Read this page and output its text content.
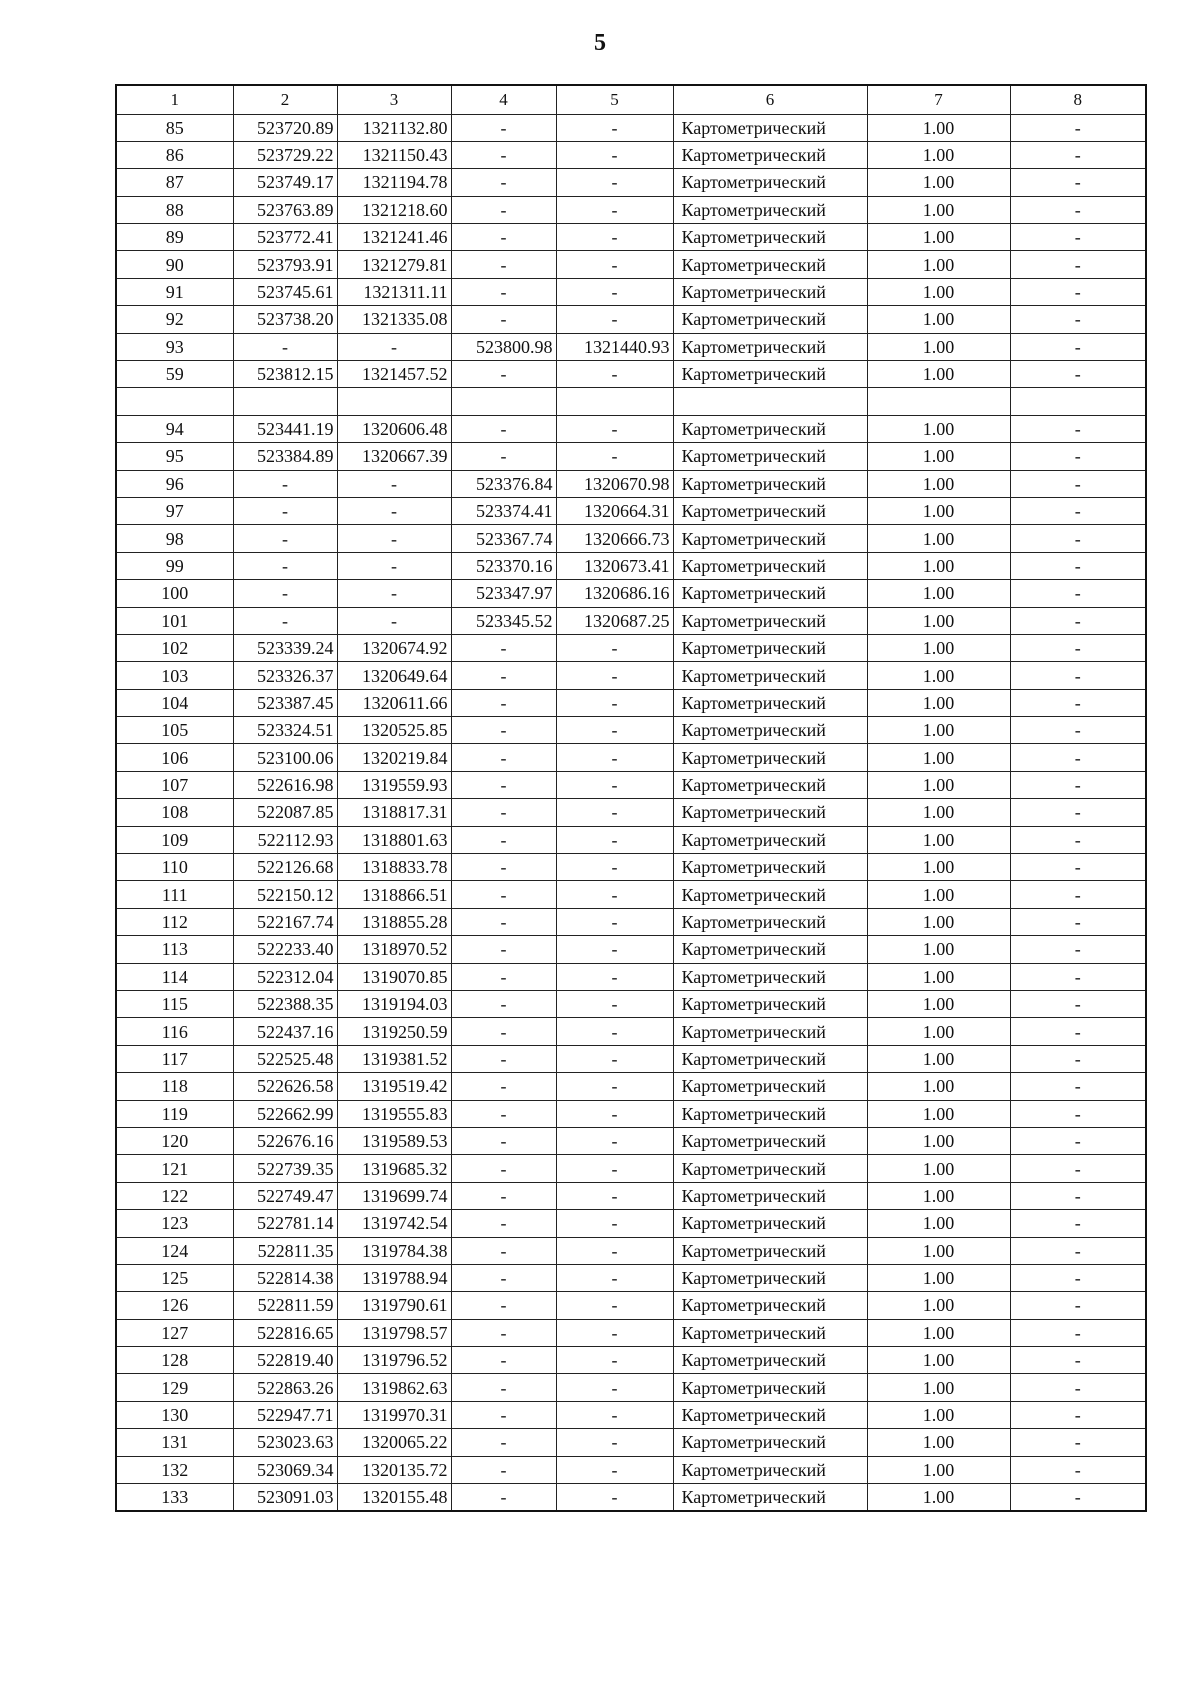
5
1	2	3	4	5	6	7	8
85	523720.89	1321132.80	-	-	Картометрический	1.00	-
86	523729.22	1321150.43	-	-	Картометрический	1.00	-
87	523749.17	1321194.78	-	-	Картометрический	1.00	-
88	523763.89	1321218.60	-	-	Картометрический	1.00	-
89	523772.41	1321241.46	-	-	Картометрический	1.00	-
90	523793.91	1321279.81	-	-	Картометрический	1.00	-
91	523745.61	1321311.11	-	-	Картометрический	1.00	-
92	523738.20	1321335.08	-	-	Картометрический	1.00	-
93	-	-	523800.98	1321440.93	Картометрический	1.00	-
59	523812.15	1321457.52	-	-	Картометрический	1.00	-

94	523441.19	1320606.48	-	-	Картометрический	1.00	-
95	523384.89	1320667.39	-	-	Картометрический	1.00	-
96	-	-	523376.84	1320670.98	Картометрический	1.00	-
97	-	-	523374.41	1320664.31	Картометрический	1.00	-
98	-	-	523367.74	1320666.73	Картометрический	1.00	-
99	-	-	523370.16	1320673.41	Картометрический	1.00	-
100	-	-	523347.97	1320686.16	Картометрический	1.00	-
101	-	-	523345.52	1320687.25	Картометрический	1.00	-
102	523339.24	1320674.92	-	-	Картометрический	1.00	-
103	523326.37	1320649.64	-	-	Картометрический	1.00	-
104	523387.45	1320611.66	-	-	Картометрический	1.00	-
105	523324.51	1320525.85	-	-	Картометрический	1.00	-
106	523100.06	1320219.84	-	-	Картометрический	1.00	-
107	522616.98	1319559.93	-	-	Картометрический	1.00	-
108	522087.85	1318817.31	-	-	Картометрический	1.00	-
109	522112.93	1318801.63	-	-	Картометрический	1.00	-
110	522126.68	1318833.78	-	-	Картометрический	1.00	-
111	522150.12	1318866.51	-	-	Картометрический	1.00	-
112	522167.74	1318855.28	-	-	Картометрический	1.00	-
113	522233.40	1318970.52	-	-	Картометрический	1.00	-
114	522312.04	1319070.85	-	-	Картометрический	1.00	-
115	522388.35	1319194.03	-	-	Картометрический	1.00	-
116	522437.16	1319250.59	-	-	Картометрический	1.00	-
117	522525.48	1319381.52	-	-	Картометрический	1.00	-
118	522626.58	1319519.42	-	-	Картометрический	1.00	-
119	522662.99	1319555.83	-	-	Картометрический	1.00	-
120	522676.16	1319589.53	-	-	Картометрический	1.00	-
121	522739.35	1319685.32	-	-	Картометрический	1.00	-
122	522749.47	1319699.74	-	-	Картометрический	1.00	-
123	522781.14	1319742.54	-	-	Картометрический	1.00	-
124	522811.35	1319784.38	-	-	Картометрический	1.00	-
125	522814.38	1319788.94	-	-	Картометрический	1.00	-
126	522811.59	1319790.61	-	-	Картометрический	1.00	-
127	522816.65	1319798.57	-	-	Картометрический	1.00	-
128	522819.40	1319796.52	-	-	Картометрический	1.00	-
129	522863.26	1319862.63	-	-	Картометрический	1.00	-
130	522947.71	1319970.31	-	-	Картометрический	1.00	-
131	523023.63	1320065.22	-	-	Картометрический	1.00	-
132	523069.34	1320135.72	-	-	Картометрический	1.00	-
133	523091.03	1320155.48	-	-	Картометрический	1.00	-
